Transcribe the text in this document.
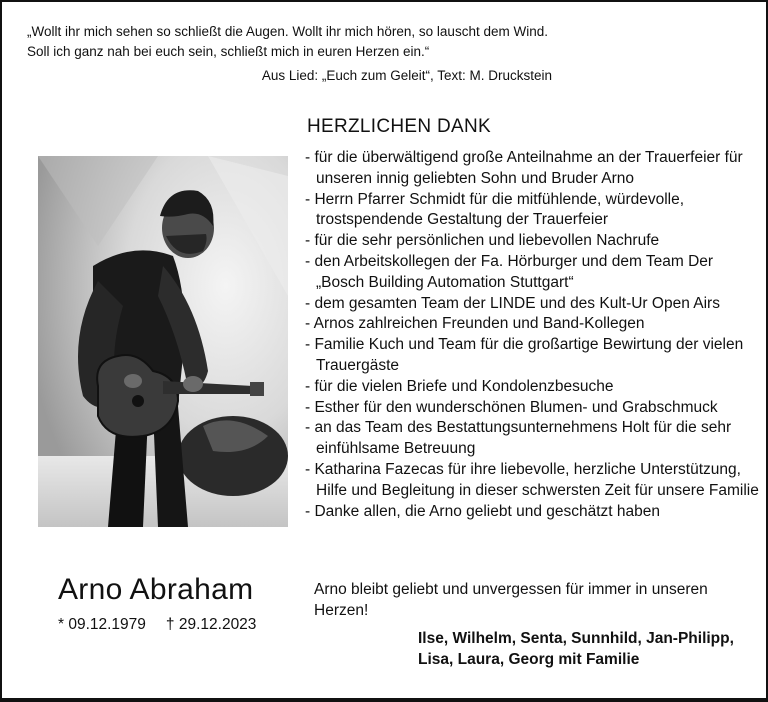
„Wollt ihr mich sehen so schließt die Augen. Wollt ihr mich hören, so lauscht dem Wind.
Soll ich ganz nah bei euch sein, schließt mich in euren Herzen ein.“
Aus Lied: „Euch zum Geleit“, Text: M. Druckstein
HERZLICHEN DANK
- für die überwältigend große Anteilnahme an der Trauerfeier für unseren innig geliebten Sohn und Bruder Arno
- Herrn Pfarrer Schmidt für die mitfühlende, würdevolle, trostspendende Gestaltung der Trauerfeier
- für die sehr persönlichen und liebevollen Nachrufe
- den Arbeitskollegen der Fa. Hörburger und dem Team Der „Bosch Building Automation Stuttgart“
- dem gesamten Team der LINDE und des Kult-Ur Open Airs
- Arnos zahlreichen Freunden und Band-Kollegen
- Familie Kuch und Team für die großartige Bewirtung der vielen Trauergäste
- für die vielen Briefe und Kondolenzbesuche
- Esther für den wunderschönen Blumen- und Grabschmuck
- an das Team des Bestattungsunternehmens Holt für die sehr einfühlsame Betreuung
- Katharina Fazecas für ihre liebevolle, herzliche Unterstützung, Hilfe und Begleitung in dieser schwersten Zeit für unsere Familie
- Danke allen, die Arno geliebt und geschätzt haben
Arno Abraham
* 09.12.1979 † 29.12.2023
Arno bleibt geliebt und unvergessen für immer in unseren Herzen!
Ilse, Wilhelm, Senta, Sunnhild, Jan-Philipp,
Lisa, Laura, Georg mit Familie
